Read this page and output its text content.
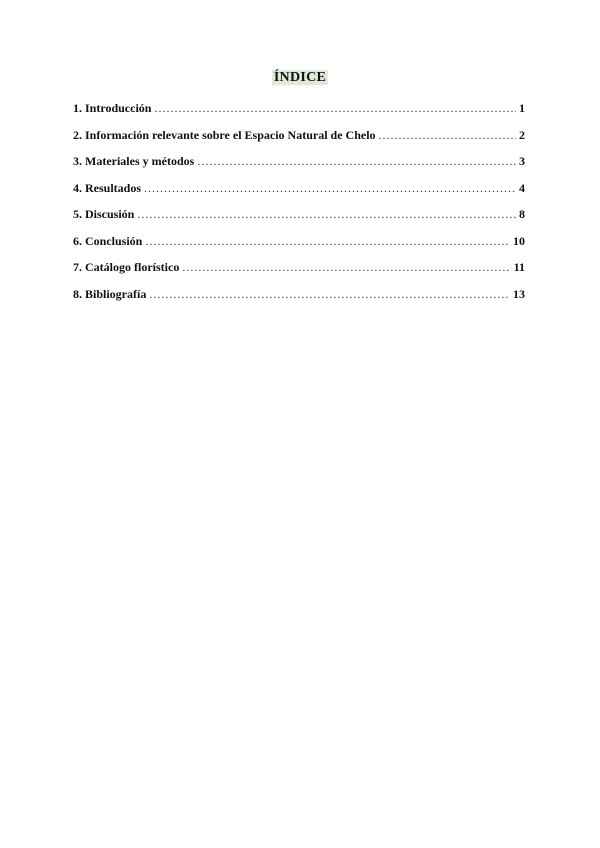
ÍNDICE
1. Introducción .....	1
2. Información relevante sobre el Espacio Natural de Chelo .....	2
3. Materiales y métodos .....	3
4. Resultados .....	4
5. Discusión .....	8
6. Conclusión .....	10
7. Catálogo florístico .....	11
8. Bibliografía .....	13
